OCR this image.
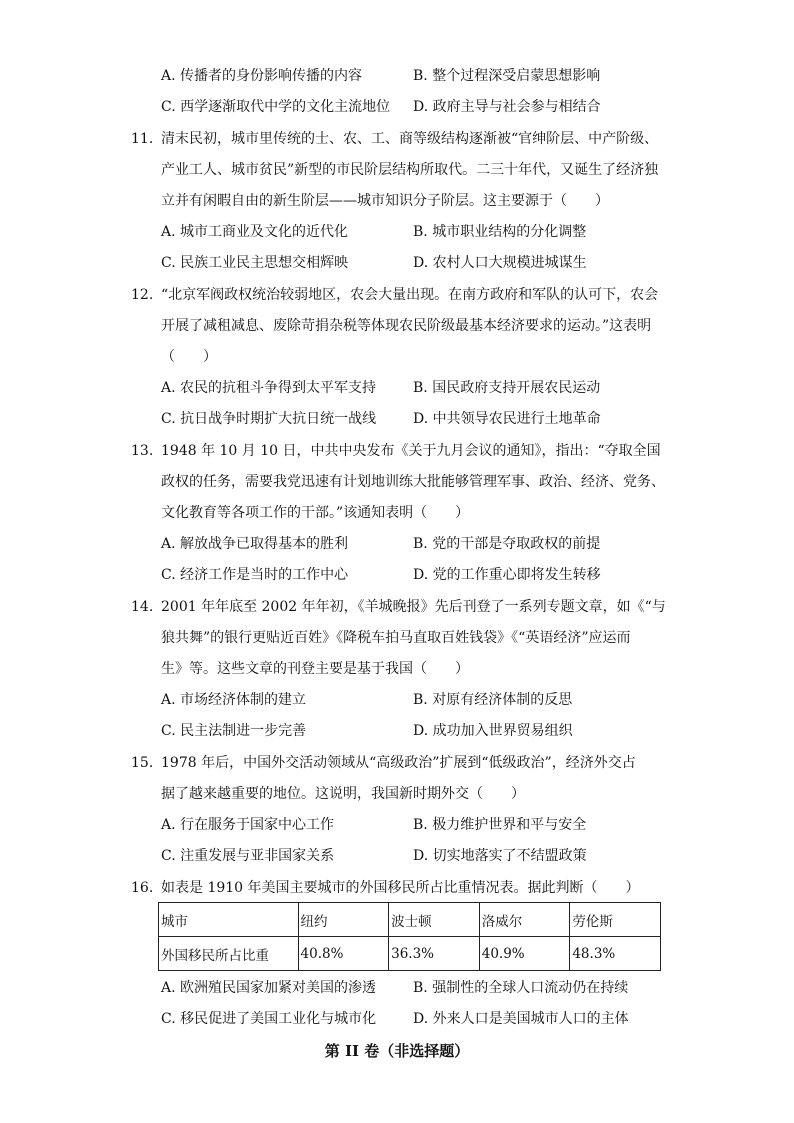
A. 传播者的身份影响传播的内容	B. 整个过程深受启蒙思想影响
C. 西学逐渐取代中学的文化主流地位 D. 政府主导与社会参与相结合
11. 清末民初，城市里传统的士、农、工、商等级结构逐渐被“官绅阶层、中产阶级、
产业工人、城市贫民”新型的市民阶层结构所取代。二三十年代，又诞生了经济独
立并有闲暇自由的新生阶层——城市知识分子阶层。这主要源于（　　）
A. 城市工商业及文化的近代化	B. 城市职业结构的分化调整
C. 民族工业民主思想交相辉映	D. 农村人口大规模进城谋生
12. “北京军阀政权统治较弱地区，农会大量出现。在南方政府和军队的认可下，农会
开展了减租减息、废除苛捐杂税等体现农民阶级最基本经济要求的运动。”这表明
（　　）
A. 农民的抗租斗争得到太平军支持	B. 国民政府支持开展农民运动
C. 抗日战争时期扩大抗日统一战线	D. 中共领导农民进行土地革命
13. 1948 年 10 月 10 日，中共中央发布《关于九月会议的通知》，指出：“夺取全国
政权的任务，需要我党迅速有计划地训练大批能够管理军事、政治、经济、党务、
文化教育等各项工作的干部。”该通知表明（　　）
A. 解放战争已取得基本的胜利	B. 党的干部是夺取政权的前提
C. 经济工作是当时的工作中心	D. 党的工作重心即将发生转移
14. 2001 年年底至 2002 年年初，《羊城晚报》先后刊登了一系列专题文章，如《“与
狼共舞”的银行更贴近百姓》《降税车拍马直取百姓钱袋》《“英语经济”应运而
生》等。这些文章的刊登主要是基于我国（　　）
A. 市场经济体制的建立	B. 对原有经济体制的反思
C. 民主法制进一步完善	D. 成功加入世界贸易组织
15. 1978 年后，中国外交活动领域从“高级政治”扩展到“低级政治”，经济外交占
据了越来越重要的地位。这说明，我国新时期外交（　　）
A. 行在服务于国家中心工作	B. 极力维护世界和平与安全
C. 注重发展与亚非国家关系	D. 切实地落实了不结盟政策
16. 如表是 1910 年美国主要城市的外国移民所占比重情况表。据此判断（　　）
城市	纽约	波士顿	洛威尔	劳伦斯
外国移民所占比重	40.8%	36.3%	40.9%	48.3%
A. 欧洲殖民国家加紧对美国的渗透	B. 强制性的全球人口流动仍在持续
C. 移民促进了美国工业化与城市化	D. 外来人口是美国城市人口的主体
第 II 卷（非选择题）
